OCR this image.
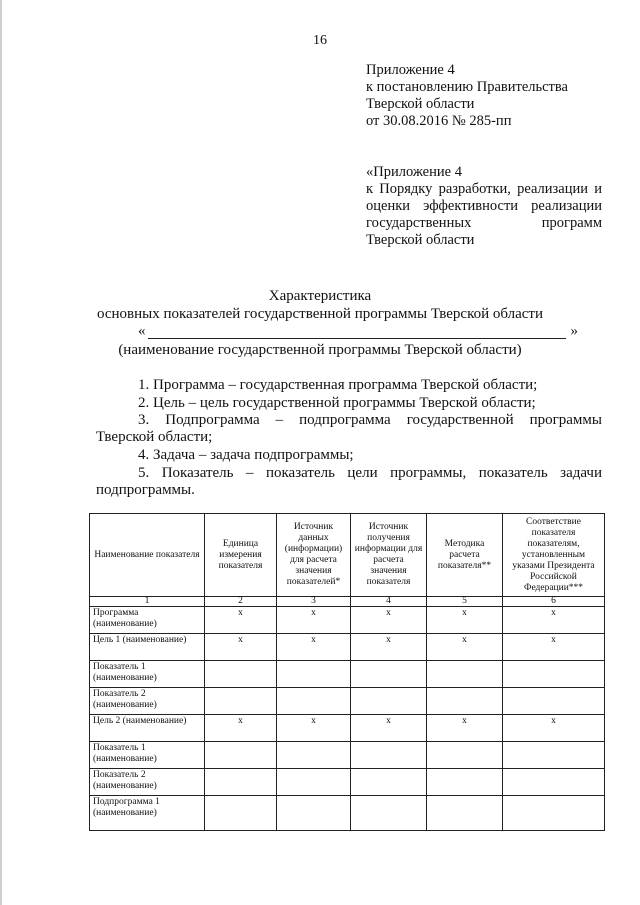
16
Приложение 4
к постановлению Правительства
Тверской области
от 30.08.2016 № 285-пп
«Приложение 4
к Порядку разработки, реализации и
оценки эффективности реализации
государственных программ
Тверской области
Характеристика
основных показателей государственной программы Тверской области
«	»
(наименование государственной программы Тверской области)
1. Программа – государственная программа Тверской области;
2. Цель – цель государственной программы Тверской области;
3. Подпрограмма – подпрограмма государственной программы
Тверской области;
4. Задача – задача подпрограммы;
5. Показатель – показатель цели программы, показатель задачи
подпрограммы.
Наименование показателя	Единица измерения показателя	Источник данных (информации) для расчета значения показателей*	Источник получения информации для расчета значения показателя	Методика расчета показателя**	Соответствие показателя показателям, установленным указами Президента Российской Федерации***
1	2	3	4	5	6
Программа (наименование)	x	x	x	x	x
Цель 1 (наименование)	x	x	x	x	x
Показатель 1 (наименование)					
Показатель 2 (наименование)					
Цель 2 (наименование)	x	x	x	x	x
Показатель 1 (наименование)					
Показатель 2 (наименование)					
Подпрограмма 1 (наименование)					
